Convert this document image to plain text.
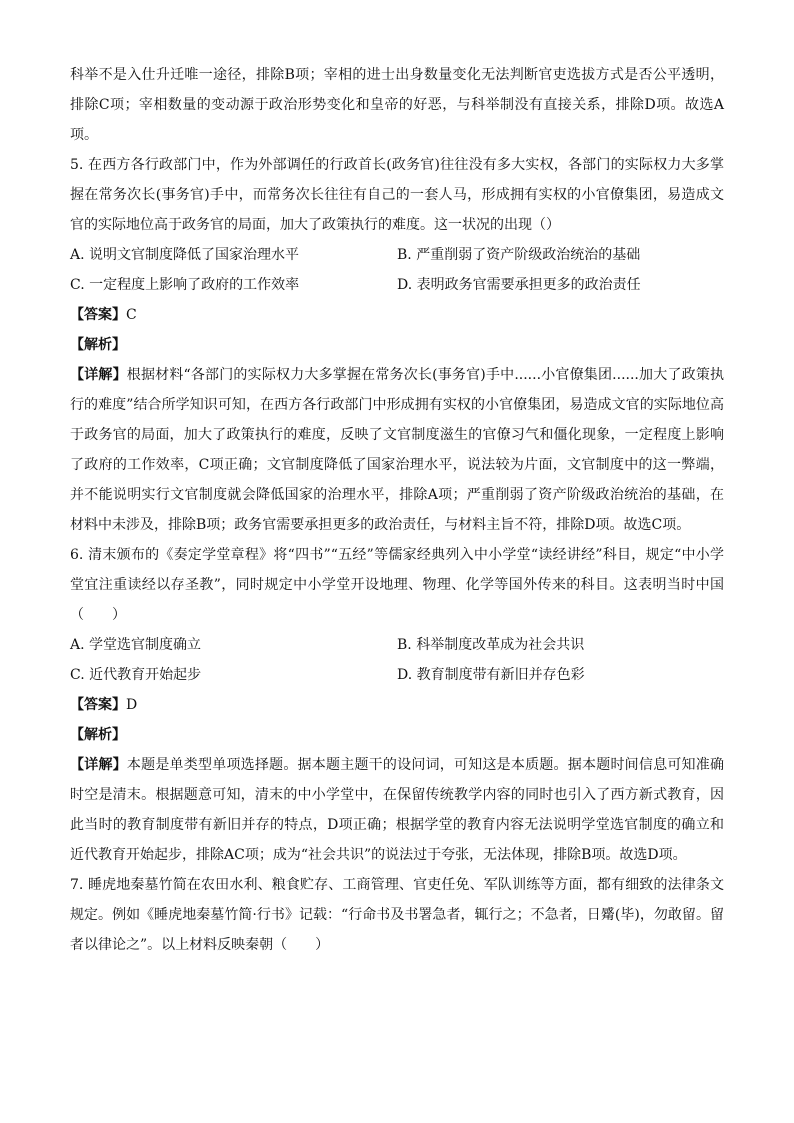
科举不是入仕升迁唯一途径，排除B项；宰相的进士出身数量变化无法判断官吏选拔方式是否公平透明，排除C项；宰相数量的变动源于政治形势变化和皇帝的好恶，与科举制没有直接关系，排除D项。故选A项。

5. 在西方各行政部门中，作为外部调任的行政首长(政务官)往往没有多大实权，各部门的实际权力大多掌握在常务次长(事务官)手中，而常务次长往往有自己的一套人马，形成拥有实权的小官僚集团，易造成文官的实际地位高于政务官的局面，加大了政策执行的难度。这一状况的出现（）

A. 说明文官制度降低了国家治理水平	B. 严重削弱了资产阶级政治统治的基础
C. 一定程度上影响了政府的工作效率	D. 表明政务官需要承担更多的政治责任

【答案】C

【解析】

【详解】根据材料“各部门的实际权力大多掌握在常务次长(事务官)手中......小官僚集团......加大了政策执行的难度”结合所学知识可知，在西方各行政部门中形成拥有实权的小官僚集团，易造成文官的实际地位高于政务官的局面，加大了政策执行的难度，反映了文官制度滋生的官僚习气和僵化现象，一定程度上影响了政府的工作效率，C项正确；文官制度降低了国家治理水平，说法较为片面，文官制度中的这一弊端，并不能说明实行文官制度就会降低国家的治理水平，排除A项；严重削弱了资产阶级政治统治的基础，在材料中未涉及，排除B项；政务官需要承担更多的政治责任，与材料主旨不符，排除D项。故选C项。

6. 清末颁布的《奏定学堂章程》将“四书”“五经”等儒家经典列入中小学堂“读经讲经”科目，规定“中小学堂宜注重读经以存圣教”，同时规定中小学堂开设地理、物理、化学等国外传来的科目。这表明当时中国（　　）

A. 学堂选官制度确立	B. 科举制度改革成为社会共识
C. 近代教育开始起步	D. 教育制度带有新旧并存色彩

【答案】D

【解析】

【详解】本题是单类型单项选择题。据本题主题干的设问词，可知这是本质题。据本题时间信息可知准确时空是清末。根据题意可知，清末的中小学堂中，在保留传统教学内容的同时也引入了西方新式教育，因此当时的教育制度带有新旧并存的特点，D项正确；根据学堂的教育内容无法说明学堂选官制度的确立和近代教育开始起步，排除AC项；成为“社会共识”的说法过于夸张，无法体现，排除B项。故选D项。

7. 睡虎地秦墓竹简在农田水利、粮食贮存、工商管理、官吏任免、军队训练等方面，都有细致的法律条文规定。例如《睡虎地秦墓竹简·行书》记载：“行命书及书署急者，辄行之；不急者，日觱(毕)，勿敢留。留者以律论之”。以上材料反映秦朝（　　）
